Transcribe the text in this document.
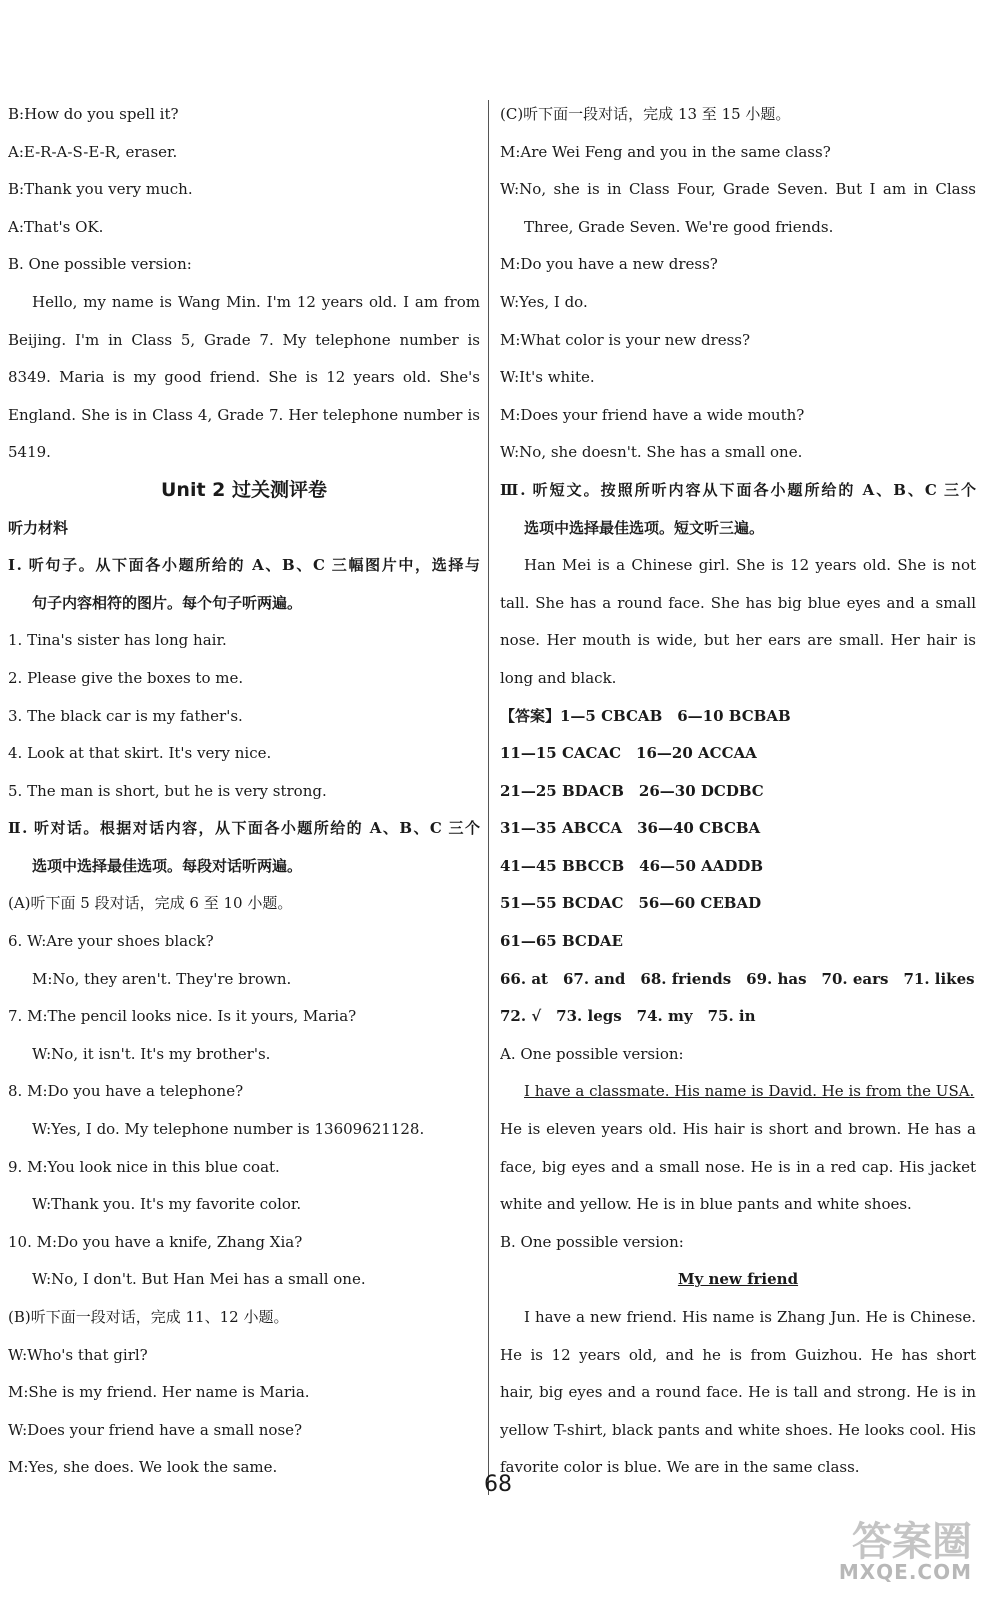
B:How do you spell it?
A:E-R-A-S-E-R, eraser.
B:Thank you very much.
A:That's OK.
B. One possible version:
Hello, my name is Wang Min. I'm 12 years old. I am from
Beijing. I'm in Class 5, Grade 7. My telephone number is
8349. Maria is my good friend. She is 12 years old. She's
England. She is in Class 4, Grade 7. Her telephone number is
5419.
Unit 2 过关测评卷
听力材料
Ⅰ. 听句子。从下面各小题所给的 A、B、C 三幅图片中，选择与
句子内容相符的图片。每个句子听两遍。
1. Tina's sister has long hair.
2. Please give the boxes to me.
3. The black car is my father's.
4. Look at that skirt. It's very nice.
5. The man is short, but he is very strong.
Ⅱ. 听对话。根据对话内容，从下面各小题所给的 A、B、C 三个
选项中选择最佳选项。每段对话听两遍。
(A)听下面 5 段对话，完成 6 至 10 小题。
6. W:Are your shoes black?
M:No, they aren't. They're brown.
7. M:The pencil looks nice. Is it yours, Maria?
W:No, it isn't. It's my brother's.
8. M:Do you have a telephone?
W:Yes, I do. My telephone number is 13609621128.
9. M:You look nice in this blue coat.
W:Thank you. It's my favorite color.
10. M:Do you have a knife, Zhang Xia?
W:No, I don't. But Han Mei has a small one.
(B)听下面一段对话，完成 11、12 小题。
W:Who's that girl?
M:She is my friend. Her name is Maria.
W:Does your friend have a small nose?
M:Yes, she does. We look the same.
(C)听下面一段对话，完成 13 至 15 小题。
M:Are Wei Feng and you in the same class?
W:No, she is in Class Four, Grade Seven. But I am in Class
Three, Grade Seven. We're good friends.
M:Do you have a new dress?
W:Yes, I do.
M:What color is your new dress?
W:It's white.
M:Does your friend have a wide mouth?
W:No, she doesn't. She has a small one.
Ⅲ. 听短文。按照所听内容从下面各小题所给的 A、B、C 三个
选项中选择最佳选项。短文听三遍。
Han Mei is a Chinese girl. She is 12 years old. She is not
tall. She has a round face. She has big blue eyes and a small
nose. Her mouth is wide, but her ears are small. Her hair is
long and black.
【答案】1—5 CBCAB　6—10 BCBAB
11—15 CACAC　16—20 ACCAA
21—25 BDACB　26—30 DCDBC
31—35 ABCCA　36—40 CBCBA
41—45 BBCCB　46—50 AADDB
51—55 BCDAC　56—60 CEBAD
61—65 BCDAE
66. at　67. and　68. friends　69. has　70. ears　71. likes
72. √　73. legs　74. my　75. in
A. One possible version:
I have a classmate. His name is David. He is from the USA.
He is eleven years old. His hair is short and brown. He has a
face, big eyes and a small nose. He is in a red cap. His jacket
white and yellow. He is in blue pants and white shoes.
B. One possible version:
My new friend
I have a new friend. His name is Zhang Jun. He is Chinese.
He is 12 years old, and he is from Guizhou. He has short
hair, big eyes and a round face. He is tall and strong. He is in
yellow T-shirt, black pants and white shoes. He looks cool. His
favorite color is blue. We are in the same class.
68
答案圈
MXQE.COM
